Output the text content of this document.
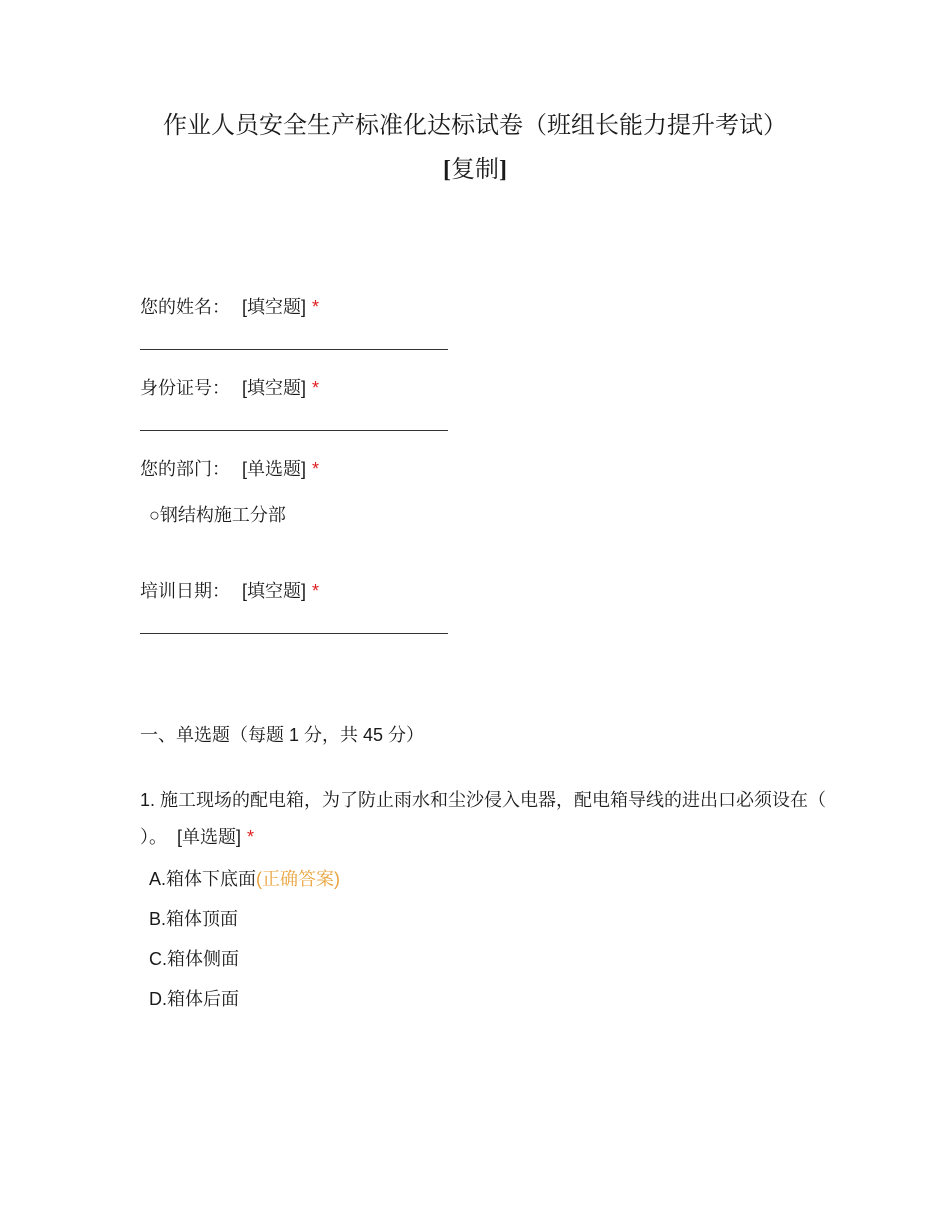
作业人员安全生产标准化达标试卷（班组长能力提升考试）
[复制]
您的姓名： [填空题] *
身份证号： [填空题] *
您的部门： [单选题] *
○钢结构施工分部
培训日期： [填空题] *
一、单选题（每题 1 分，共 45 分）
1. 施工现场的配电箱，为了防止雨水和尘沙侵入电器，配电箱导线的进出口必须设在（ ）。 [单选题] *
A.箱体下底面(正确答案)
B.箱体顶面
C.箱体侧面
D.箱体后面
